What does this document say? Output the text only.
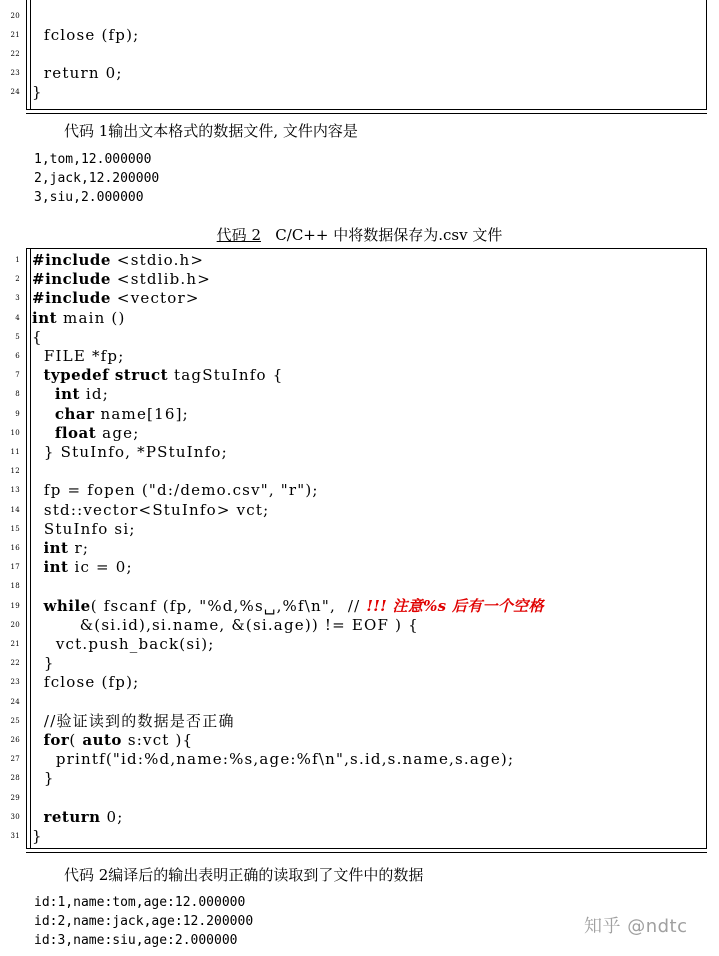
20
21 fclose (fp);
22
23 return 0;
24 }
代码 1输出文本格式的数据文件, 文件内容是
1,tom,12.000000
2,jack,12.200000
3,siu,2.000000
代码 2 C/C++ 中将数据保存为.csv 文件
1 #include <stdio.h>
2 #include <stdlib.h>
3 #include <vector>
4 int main ()
5 {
6 FILE *fp;
7 typedef struct tagStuInfo {
8 int id;
9 char name[16];
10 float age;
11 } StuInfo, *PStuInfo;
12
13 fp = fopen ("d:/demo.csv", "r");
14 std::vector<StuInfo> vct;
15 StuInfo si;
16 int r;
17 int ic = 0;
18
19 while( fscanf (fp, "%d,%s␣,%f\n",  // !!! 注意%s 后有一个空格
20 &(si.id),si.name, &(si.age)) != EOF ) {
21 vct.push_back(si);
22 }
23 fclose (fp);
24
25 //验证读到的数据是否正确
26 for( auto s:vct ){
27 printf("id:%d,name:%s,age:%f\n",s.id,s.name,s.age);
28 }
29
30 return 0;
31 }
代码 2编译后的输出表明正确的读取到了文件中的数据
id:1,name:tom,age:12.000000
id:2,name:jack,age:12.200000
id:3,name:siu,age:2.000000
知乎 @ndtc
